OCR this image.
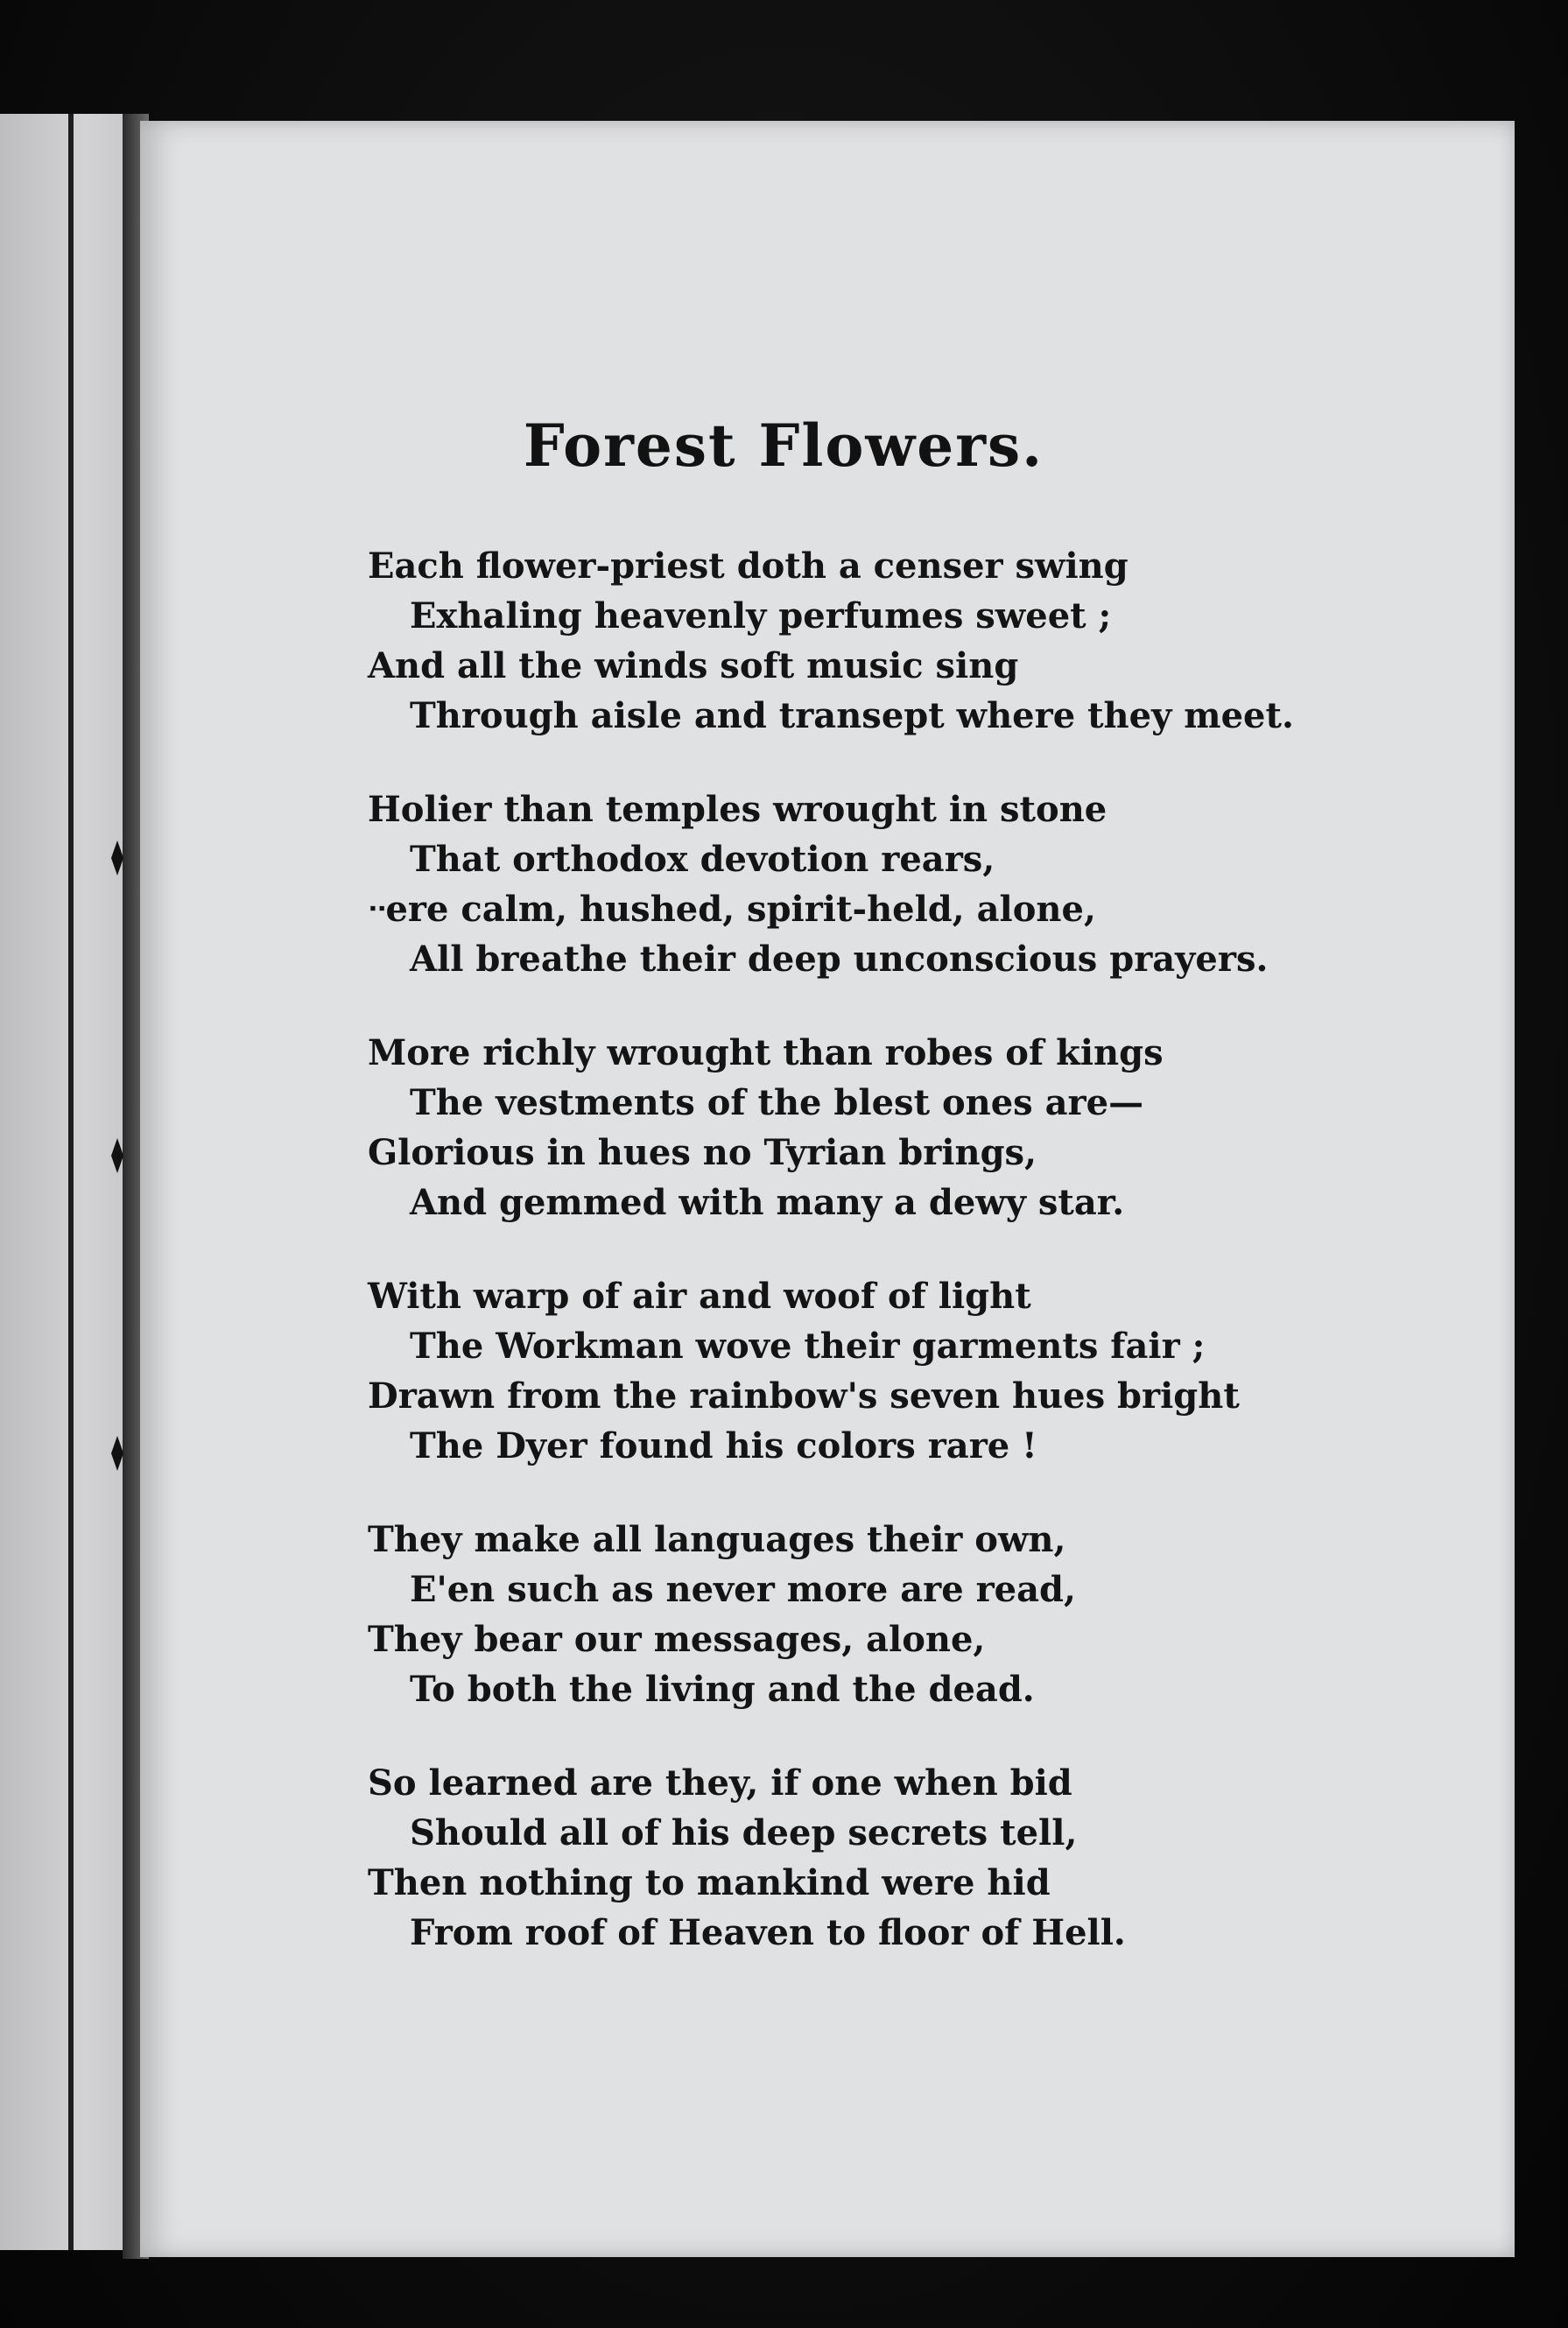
Forest Flowers.
Each flower-priest doth a censer swing
Exhaling heavenly perfumes sweet ;
And all the winds soft music sing
Through aisle and transept where they meet.
Holier than temples wrought in stone
That orthodox devotion rears,
ᐧᐧere calm, hushed, spirit-held, alone,
All breathe their deep unconscious prayers.
More richly wrought than robes of kings
The vestments of the blest ones are—
Glorious in hues no Tyrian brings,
And gemmed with many a dewy star.
With warp of air and woof of light
The Workman wove their garments fair ;
Drawn from the rainbow's seven hues bright
The Dyer found his colors rare !
They make all languages their own,
E'en such as never more are read,
They bear our messages, alone,
To both the living and the dead.
So learned are they, if one when bid
Should all of his deep secrets tell,
Then nothing to mankind were hid
From roof of Heaven to floor of Hell.
